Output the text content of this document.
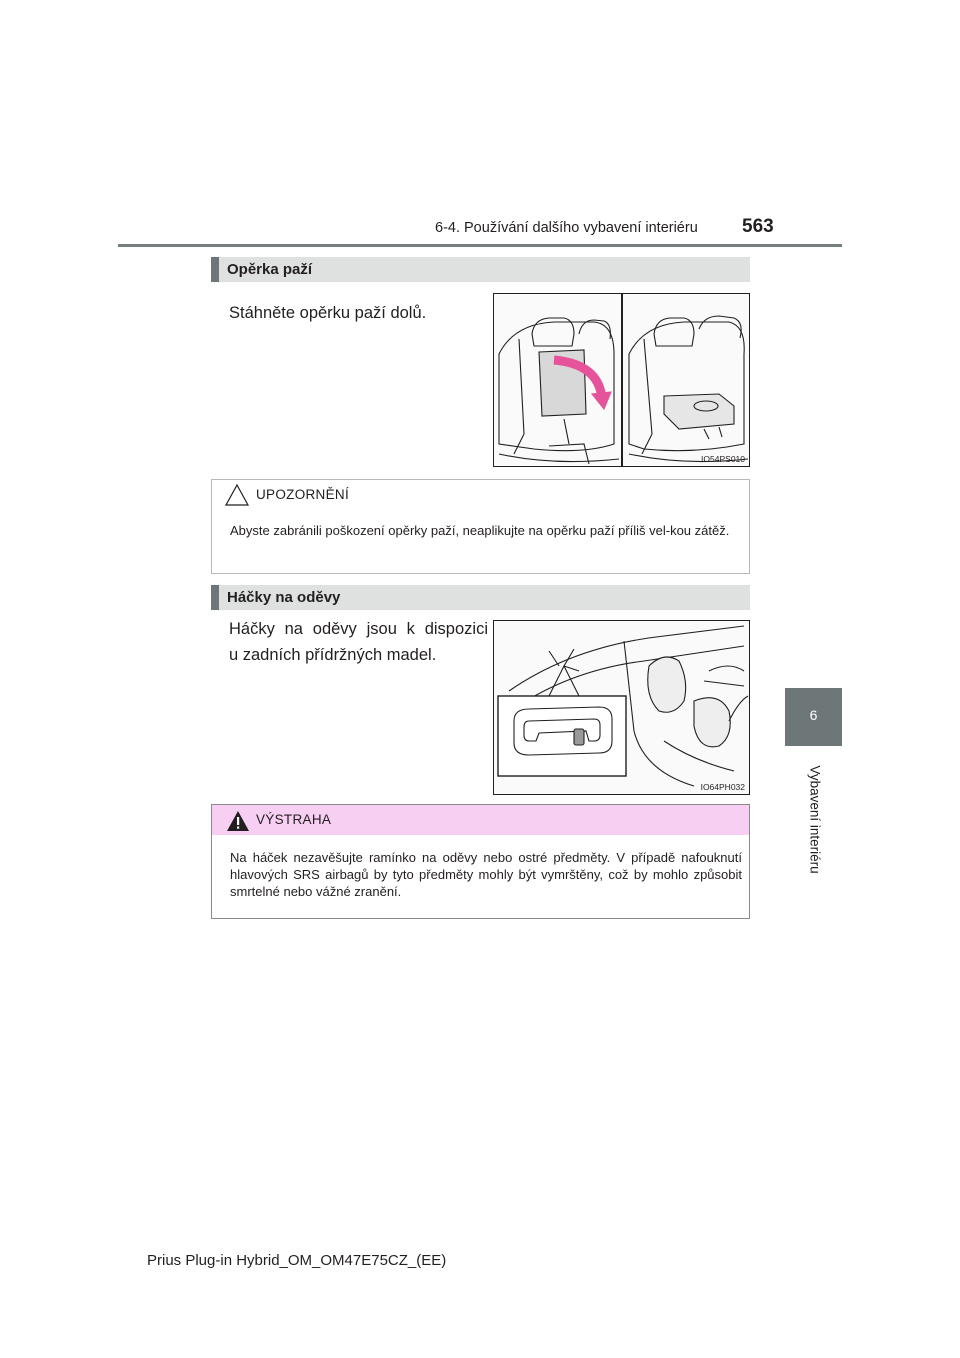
6-4. Používání dalšího vybavení interiéru 563
6
Vybavení interiéru
Opěrka paží
Stáhněte opěrku paží dolů.
IO54PS010
UPOZORNĚNÍ
Abyste zabránili poškození opěrky paží, neaplikujte na opěrku paží příliš vel-kou zátěž.
Háčky na oděvy
Háčky na oděvy jsou k dispozici
u zadních přídržných madel.
IO64PH032
VÝSTRAHA
Na háček nezavěšujte ramínko na oděvy nebo ostré předměty. V případě nafouknutí hlavových SRS airbagů by tyto předměty mohly být vymrštěny, což by mohlo způsobit smrtelné nebo vážné zranění.
Prius Plug-in Hybrid_OM_OM47E75CZ_(EE)
